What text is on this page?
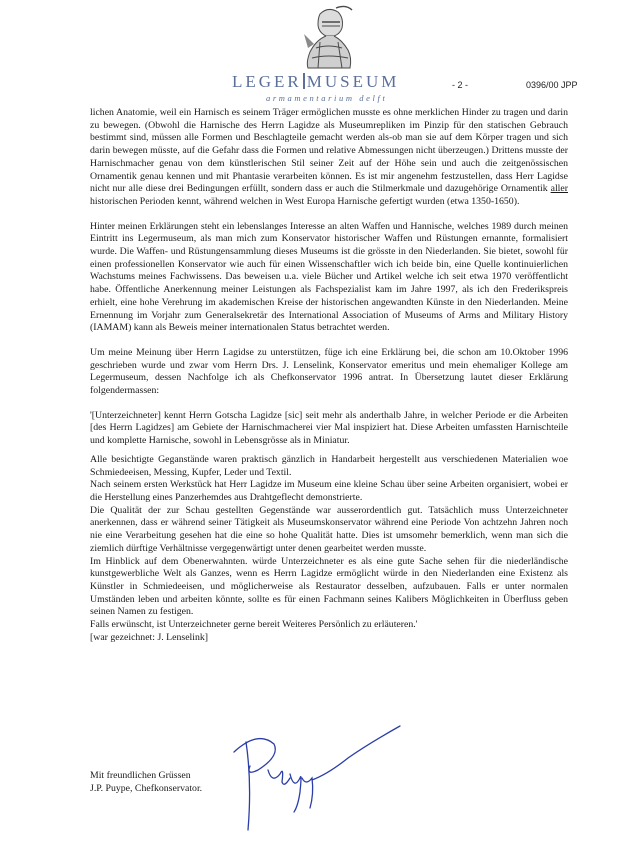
LEGER MUSEUM
armamentarium delft
- 2 -	0396/00 JPP

lichen Anatomie, weil ein Harnisch es seinem Träger ermöglichen musste es ohne merklichen Hinder zu tragen und darin zu bewegen. (Obwohl die Harnische des Herrn Lagidze als Museumrepliken im Pinzip für den statischen Gebrauch bestimmt sind, müssen alle Formen und Beschlagteile gemacht werden als-ob man sie auf dem Körper tragen und sich darin bewegen müsste, auf die Gefahr dass die Formen und relative Abmessungen nicht überzeugen.) Drittens musste der Harnischmacher genau von dem künstlerischen Stil seiner Zeit auf der Höhe sein und auch die zeitgenössischen Ornamentik genau kennen und mit Phantasie verarbeiten können. Es ist mir angenehm festzustellen, dass Herr Lagidse nicht nur alle diese drei Bedingungen erfüllt, sondern dass er auch die Stilmerkmale und dazugehörige Ornamentik aller historischen Perioden kennt, während welchen in West Europa Harnische gefertigt wurden (etwa 1350-1650).

Hinter meinen Erklärungen steht ein lebenslanges Interesse an alten Waffen und Hannische, welches 1989 durch meinen Eintritt ins Legermuseum, als man mich zum Konservator historischer Waffen und Rüstungen ernannte, formalisiert wurde. Die Waffen- und Rüstungensammlung dieses Museums ist die grösste in den Niederlanden. Sie bietet, sowohl für einen professionellen Konservator wie auch für einen Wissenschaftler wich ich beide bin, eine Quelle kontinuierlichen Wachstums meines Fachwissens. Das beweisen u.a. viele Bücher und Artikel welche ich seit etwa 1970 veröffentlicht habe. Öffentliche Anerkennung meiner Leistungen als Fachspezialist kam im Jahre 1997, als ich den Frederikspreis erhielt, eine hohe Verehrung im akademischen Kreise der historischen angewandten Künste in den Niederlanden. Meine Ernennung im Vorjahr zum Generalsekretär des International Association of Museums of Arms and Military History (IAMAM) kann als Beweis meiner internationalen Status betrachtet werden.

Um meine Meinung über Herrn Lagidse zu unterstützen, füge ich eine Erklärung bei, die schon am 10.Oktober 1996 geschrieben wurde und zwar vom Herrn Drs. J. Lenselink, Konservator emeritus und mein ehemaliger Kollege am Legermuseum, dessen Nachfolge ich als Chefkonservator 1996 antrat. In Übersetzung lautet dieser Erklärung folgendermassen:

'[Unterzeichneter] kennt Herrn Gotscha Lagidze [sic] seit mehr als anderthalb Jahre, in welcher Periode er die Arbeiten [des Herrn Lagidzes] am Gebiete der Harnischmacherei vier Mal inspiziert hat. Diese Arbeiten umfassten Harnischteile und komplette Harnische, sowohl in Lebensgrösse als in Miniatur.

Alle besichtigte Geganstände waren praktisch gänzlich in Handarbeit hergestellt aus verschiedenen Materialien woe Schmiedeeisen, Messing, Kupfer, Leder und Textil.

Nach seinem ersten Werkstück hat Herr Lagidze im Museum eine kleine Schau über seine Arbeiten organisiert, wobei er die Herstellung eines Panzerhemdes aus Drahtgeflecht demonstrierte.

Die Qualität der zur Schau gestellten Gegenstände war ausserordentlich gut. Tatsächlich muss Unterzeichneter anerkennen, dass er während seiner Tätigkeit als Museumskonservator während eine Periode Von achtzehn Jahren noch nie eine Verarbeitung gesehen hat die eine so hohe Qualität hatte. Dies ist umsomehr bemerklich, wenn man sich die ziemlich dürftige Verhältnisse vergegenwärtigt unter denen gearbeitet werden musste.

Im Hinblick auf dem Obenerwahnten. würde Unterzeichneter es als eine gute Sache sehen für die niederländische kunstgewerbliche Welt als Ganzes, wenn es Herrn Lagidze ermöglicht würde in den Niederlanden eine Existenz als Künstler in Schmiedeeisen, und möglicherweise als Restaurator desselben, aufzubauen. Falls er unter normalen Umständen leben und arbeiten könnte, sollte es für einen Fachmann seines Kalibers Möglichkeiten in Überfluss geben seinen Namen zu festigen.

Falls erwünscht, ist Unterzeichneter gerne bereit Weiteres Persönlich zu erläuteren.'

[war gezeichnet: J. Lenselink]

Mit freundlichen Grüssen
J.P. Puype, Chefkonservator.
